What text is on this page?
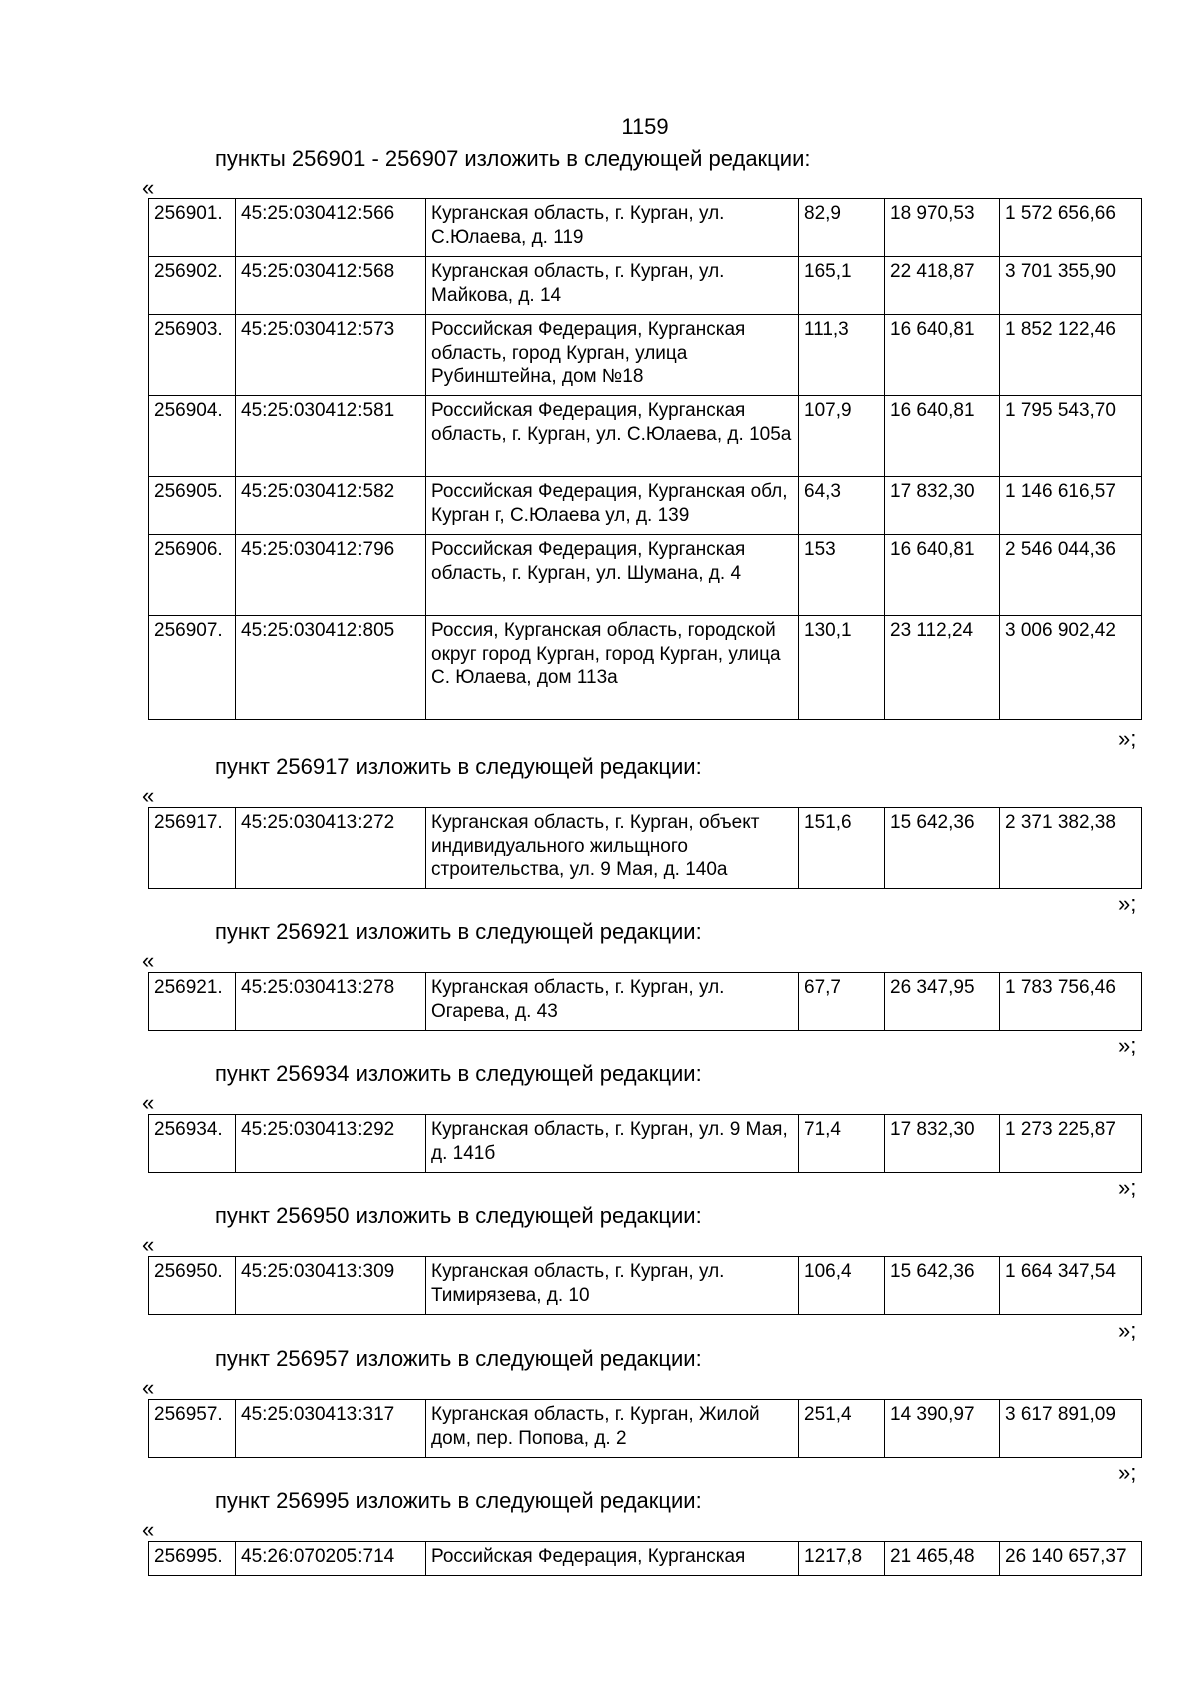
1159
пункты 256901 - 256907 изложить в следующей редакции:
«
256901.	45:25:030412:566	Курганская область, г. Курган, ул. С.Юлаева, д. 119	82,9	18 970,53	1 572 656,66
256902.	45:25:030412:568	Курганская область, г. Курган, ул. Майкова, д. 14	165,1	22 418,87	3 701 355,90
256903.	45:25:030412:573	Российская Федерация, Курганская область, город Курган, улица Рубинштейна, дом №18	111,3	16 640,81	1 852 122,46
256904.	45:25:030412:581	Российская Федерация, Курганская область, г. Курган, ул. С.Юлаева, д. 105а	107,9	16 640,81	1 795 543,70
256905.	45:25:030412:582	Российская Федерация, Курганская обл, Курган г, С.Юлаева ул, д. 139	64,3	17 832,30	1 146 616,57
256906.	45:25:030412:796	Российская Федерация, Курганская область, г. Курган, ул. Шумана, д. 4	153	16 640,81	2 546 044,36
256907.	45:25:030412:805	Россия, Курганская область, городской округ город Курган, город Курган, улица С. Юлаева, дом 113а	130,1	23 112,24	3 006 902,42
»;
пункт 256917 изложить в следующей редакции:
«
256917.	45:25:030413:272	Курганская область, г. Курган, объект индивидуального жильщного строительства, ул. 9 Мая, д. 140а	151,6	15 642,36	2 371 382,38
»;
пункт 256921 изложить в следующей редакции:
«
256921.	45:25:030413:278	Курганская область, г. Курган, ул. Огарева, д. 43	67,7	26 347,95	1 783 756,46
»;
пункт 256934 изложить в следующей редакции:
«
256934.	45:25:030413:292	Курганская область, г. Курган, ул. 9 Мая, д. 141б	71,4	17 832,30	1 273 225,87
»;
пункт 256950 изложить в следующей редакции:
«
256950.	45:25:030413:309	Курганская область, г. Курган, ул. Тимирязева, д. 10	106,4	15 642,36	1 664 347,54
»;
пункт 256957 изложить в следующей редакции:
«
256957.	45:25:030413:317	Курганская область, г. Курган, Жилой дом, пер. Попова, д. 2	251,4	14 390,97	3 617 891,09
»;
пункт 256995 изложить в следующей редакции:
«
256995.	45:26:070205:714	Российская Федерация, Курганская	1217,8	21 465,48	26 140 657,37
